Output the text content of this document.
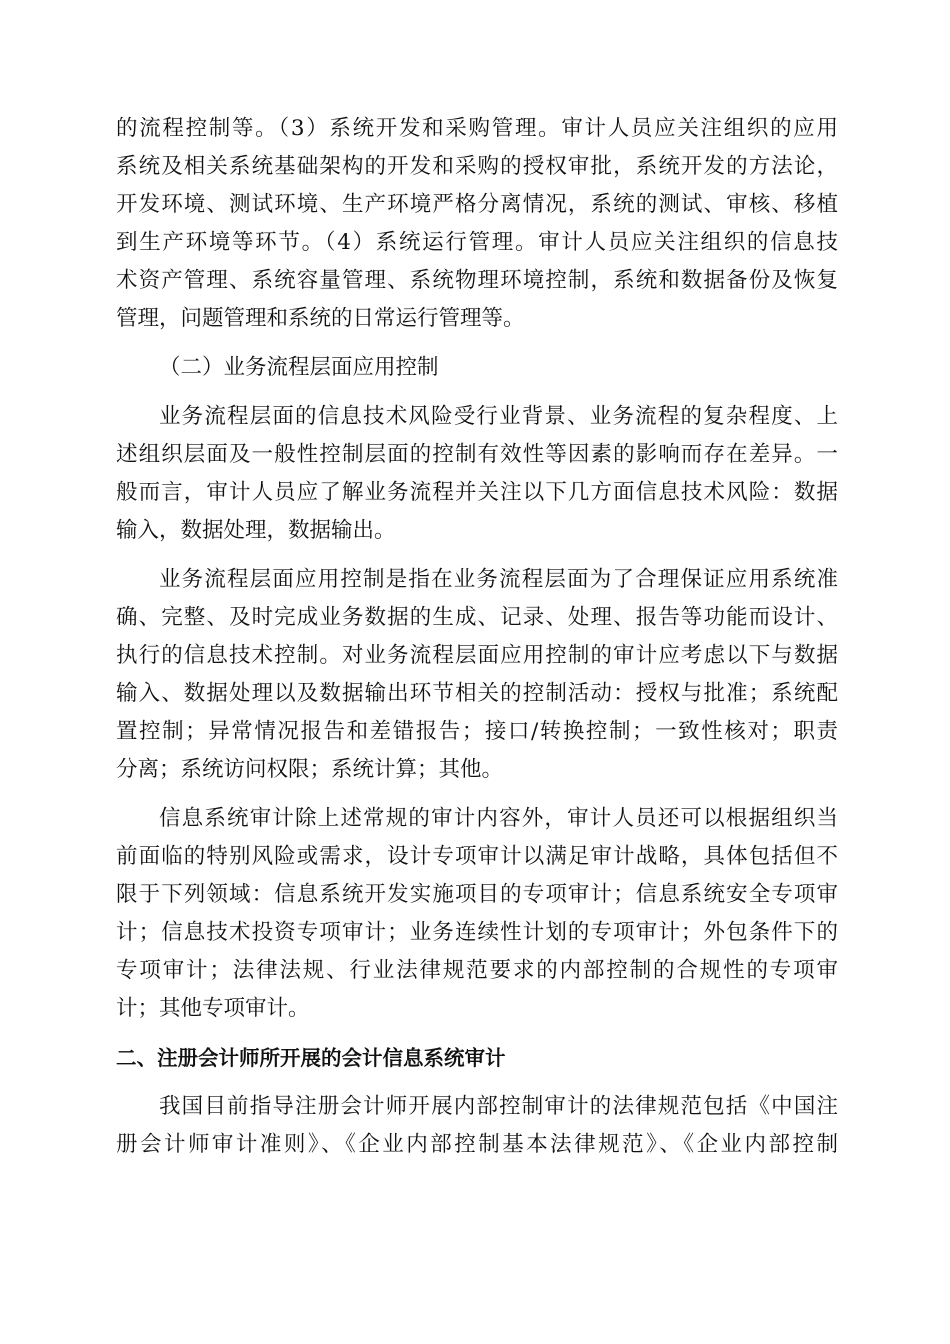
的流程控制等。（3）系统开发和采购管理。审计人员应关注组织的应用
系统及相关系统基础架构的开发和采购的授权审批，系统开发的方法论，
开发环境、测试环境、生产环境严格分离情况，系统的测试、审核、移植
到生产环境等环节。（4）系统运行管理。审计人员应关注组织的信息技
术资产管理、系统容量管理、系统物理环境控制，系统和数据备份及恢复
管理，问题管理和系统的日常运行管理等。
（二）业务流程层面应用控制
业务流程层面的信息技术风险受行业背景、业务流程的复杂程度、上
述组织层面及一般性控制层面的控制有效性等因素的影响而存在差异。一
般而言，审计人员应了解业务流程并关注以下几方面信息技术风险：数据
输入，数据处理，数据输出。
业务流程层面应用控制是指在业务流程层面为了合理保证应用系统准
确、完整、及时完成业务数据的生成、记录、处理、报告等功能而设计、
执行的信息技术控制。对业务流程层面应用控制的审计应考虑以下与数据
输入、数据处理以及数据输出环节相关的控制活动：授权与批准；系统配
置控制；异常情况报告和差错报告；接口/转换控制；一致性核对；职责
分离；系统访问权限；系统计算；其他。
信息系统审计除上述常规的审计内容外，审计人员还可以根据组织当
前面临的特别风险或需求，设计专项审计以满足审计战略，具体包括但不
限于下列领域：信息系统开发实施项目的专项审计；信息系统安全专项审
计；信息技术投资专项审计；业务连续性计划的专项审计；外包条件下的
专项审计；法律法规、行业法律规范要求的内部控制的合规性的专项审
计；其他专项审计。
二、注册会计师所开展的会计信息系统审计
我国目前指导注册会计师开展内部控制审计的法律规范包括《中国注
册会计师审计准则》、《企业内部控制基本法律规范》、《企业内部控制
